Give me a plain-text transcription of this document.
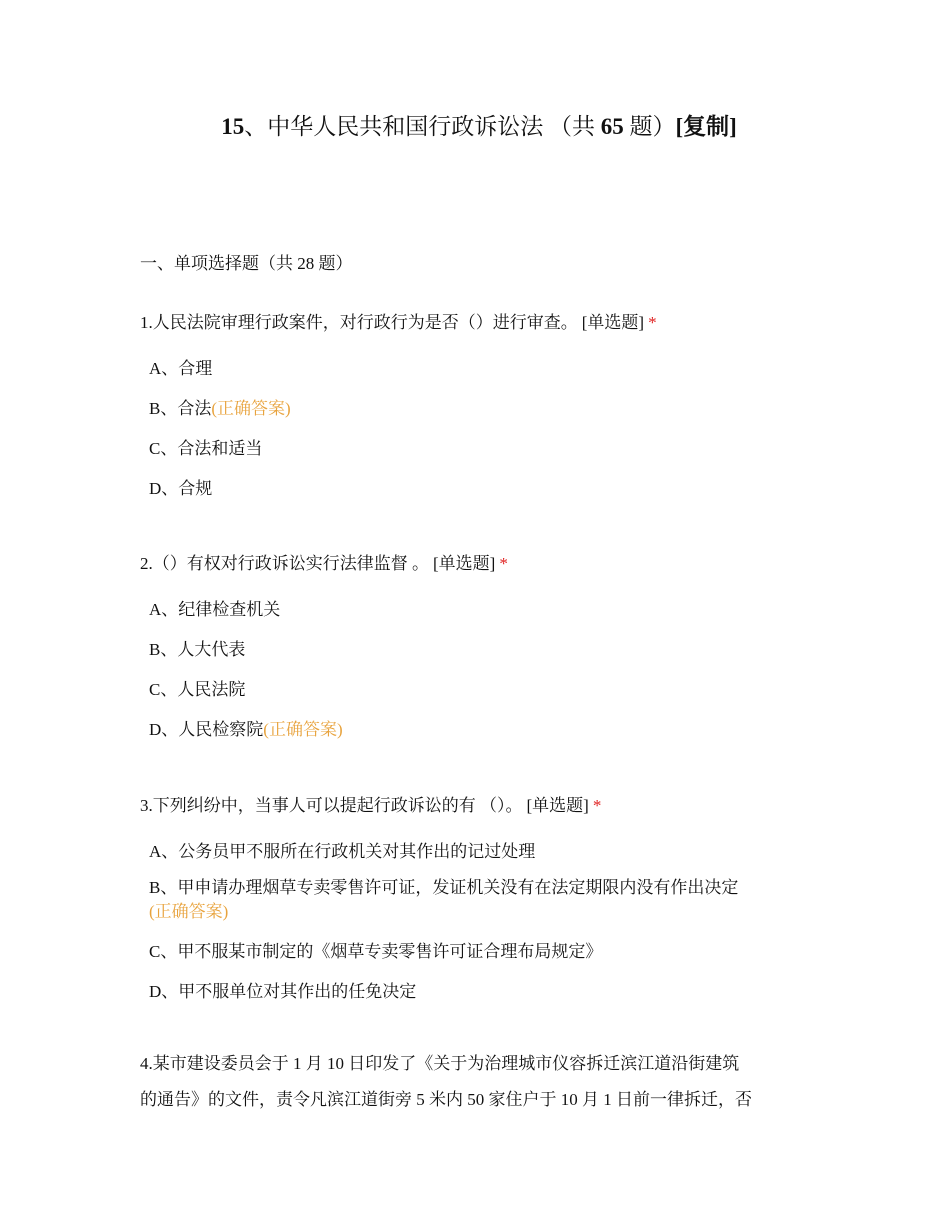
15、中华人民共和国行政诉讼法 （共 65 题）[复制]
一、单项选择题（共 28 题）
1.人民法院审理行政案件，对行政行为是否（）进行审查。 [单选题] *
A、合理
B、合法(正确答案)
C、合法和适当
D、合规
2.（）有权对行政诉讼实行法律监督 。 [单选题] *
A、纪律检查机关
B、人大代表
C、人民法院
D、人民检察院(正确答案)
3.下列纠纷中，当事人可以提起行政诉讼的有 （）。 [单选题] *
A、公务员甲不服所在行政机关对其作出的记过处理
B、甲申请办理烟草专卖零售许可证，发证机关没有在法定期限内没有作出决定
(正确答案)
C、甲不服某市制定的《烟草专卖零售许可证合理布局规定》
D、甲不服单位对其作出的任免决定
4.某市建设委员会于 1 月 10 日印发了《关于为治理城市仪容拆迁滨江道沿街建筑
的通告》的文件，责令凡滨江道街旁 5 米内 50 家住户于 10 月 1 日前一律拆迁，否
